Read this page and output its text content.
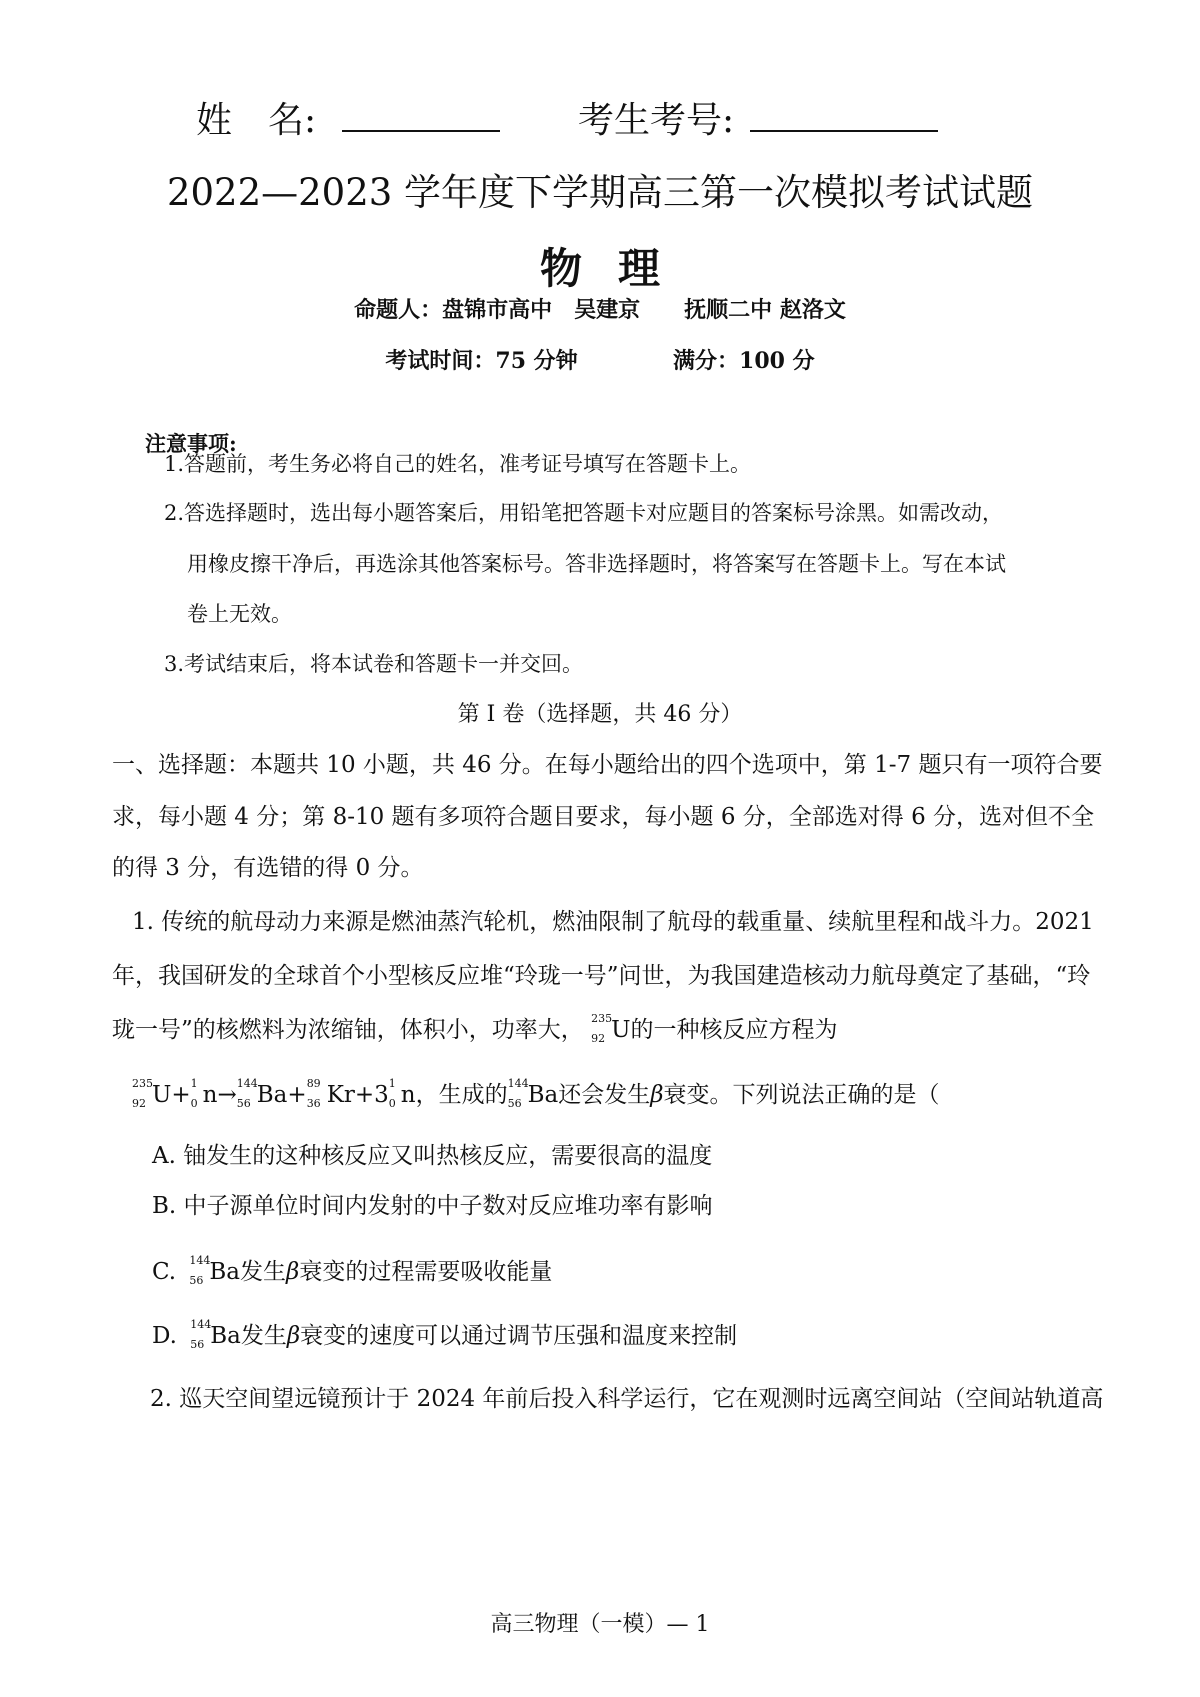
姓　名:	考生考号:
2022—2023 学年度下学期高三第一次模拟考试试题
物理
命题人：盘锦市高中　吴建京　　抚顺二中 赵洛文
考试时间：75 分钟	满分：100 分
注意事项:
1.答题前，考生务必将自己的姓名，准考证号填写在答题卡上。
2.答选择题时，选出每小题答案后，用铅笔把答题卡对应题目的答案标号涂黑。如需改动，
用橡皮擦干净后，再选涂其他答案标号。答非选择题时，将答案写在答题卡上。写在本试
卷上无效。
3.考试结束后，将本试卷和答题卡一并交回。
第 I 卷（选择题，共 46 分）
一、选择题：本题共 10 小题，共 46 分。在每小题给出的四个选项中，第 1-7 题只有一项符合要
求，每小题 4 分；第 8-10 题有多项符合题目要求，每小题 6 分，全部选对得 6 分，选对但不全
的得 3 分，有选错的得 0 分。
1. 传统的航母动力来源是燃油蒸汽轮机，燃油限制了航母的载重量、续航里程和战斗力。2021
年，我国研发的全球首个小型核反应堆“玲珑一号”问世，为我国建造核动力航母奠定了基础，“玲
珑一号”的核燃料为浓缩铀，体积小，功率大， 235
92 U的一种核反应方程为
235
92 U+ 1
0 n→ 144
56 Ba+ 89
36 Kr+3 1
0 n，生成的 144
56 Ba还会发生β衰变。下列说法正确的是（
A. 铀发生的这种核反应又叫热核反应，需要很高的温度
B. 中子源单位时间内发射的中子数对反应堆功率有影响
C. 144
56 Ba发生β衰变的过程需要吸收能量
D. 144
56 Ba发生β衰变的速度可以通过调节压强和温度来控制
2. 巡天空间望远镜预计于 2024 年前后投入科学运行，它在观测时远离空间站（空间站轨道高
高三物理（一模）— 1
